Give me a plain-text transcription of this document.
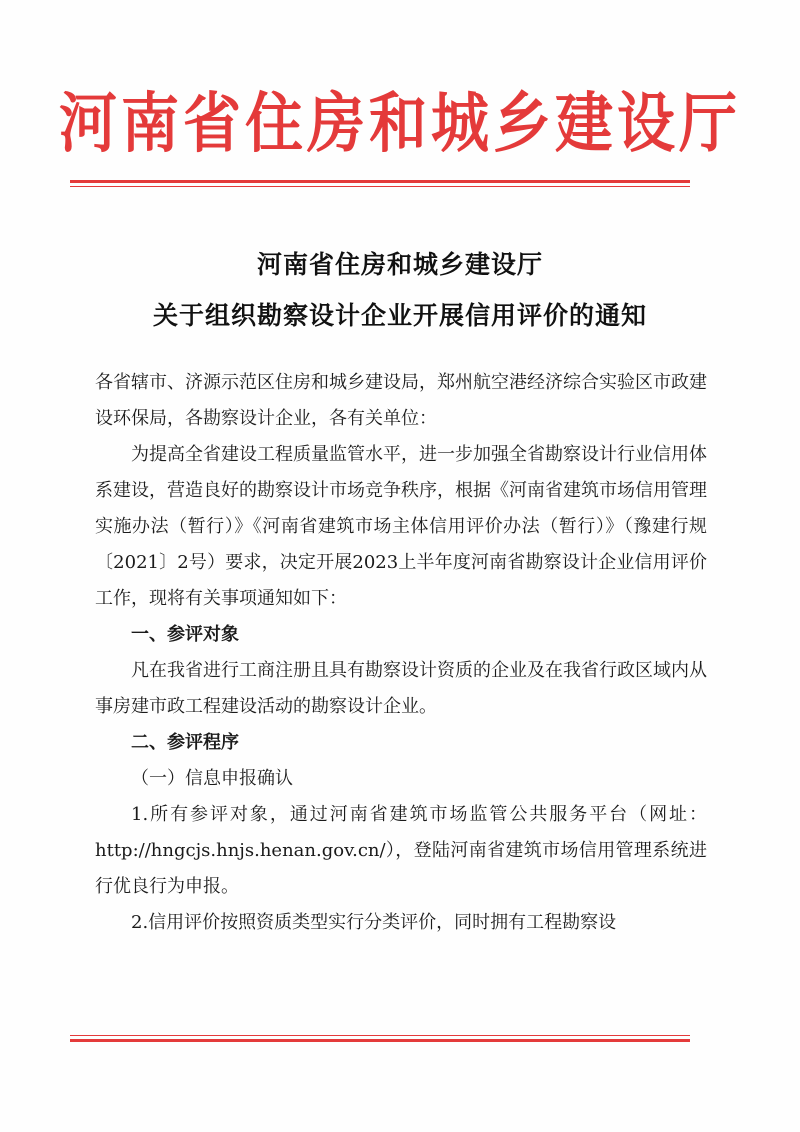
河南省住房和城乡建设厅
河南省住房和城乡建设厅
关于组织勘察设计企业开展信用评价的通知

各省辖市、济源示范区住房和城乡建设局，郑州航空港经济综合实验区市政建设环保局，各勘察设计企业，各有关单位：

为提高全省建设工程质量监管水平，进一步加强全省勘察设计行业信用体系建设，营造良好的勘察设计市场竞争秩序，根据《河南省建筑市场信用管理实施办法（暂行）》《河南省建筑市场主体信用评价办法（暂行）》（豫建行规〔2021〕2号）要求，决定开展2023上半年度河南省勘察设计企业信用评价工作，现将有关事项通知如下：

一、参评对象

凡在我省进行工商注册且具有勘察设计资质的企业及在我省行政区域内从事房建市政工程建设活动的勘察设计企业。

二、参评程序

（一）信息申报确认

1.所有参评对象，通过河南省建筑市场监管公共服务平台（网址：http://hngcjs.hnjs.henan.gov.cn/），登陆河南省建筑市场信用管理系统进行优良行为申报。

2.信用评价按照资质类型实行分类评价，同时拥有工程勘察设
